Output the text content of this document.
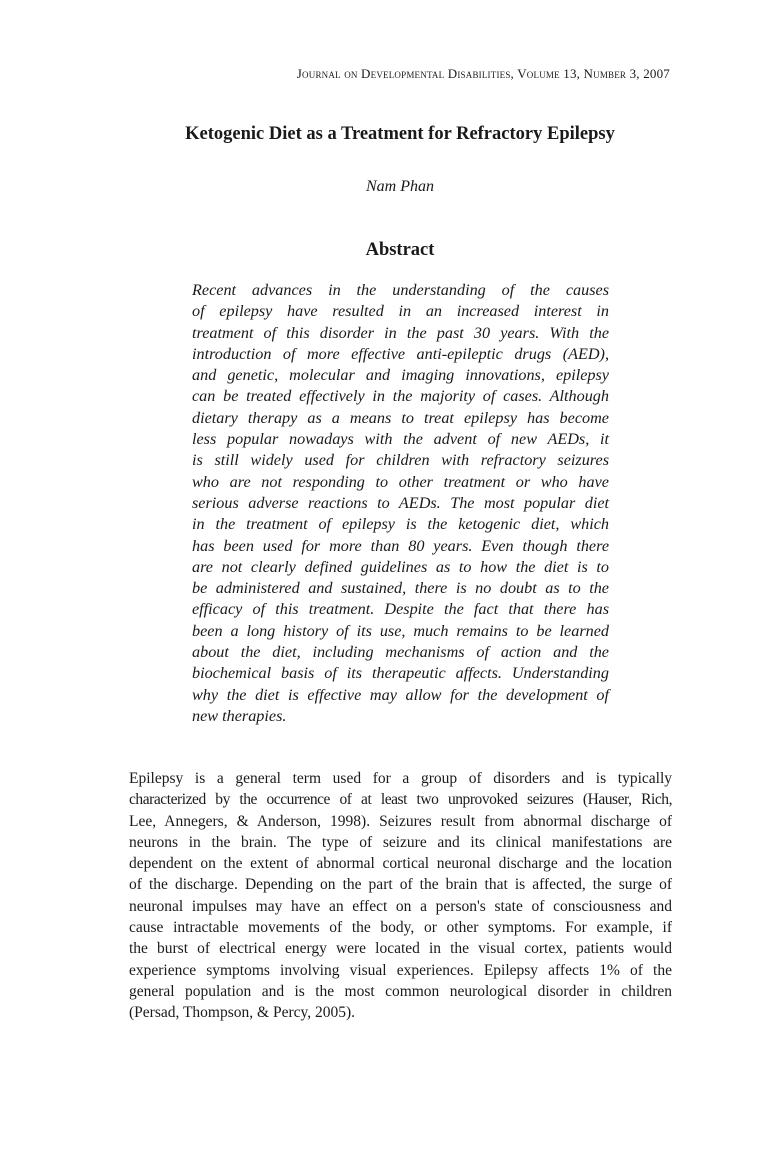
Journal on Developmental Disabilities, Volume 13, Number 3, 2007
Ketogenic Diet as a Treatment for Refractory Epilepsy
Nam Phan
Abstract

Recent advances in the understanding of the causes
of epilepsy have resulted in an increased interest in
treatment of this disorder in the past 30 years. With the
introduction of more effective anti-epileptic drugs (AED),
and genetic, molecular and imaging innovations, epilepsy
can be treated effectively in the majority of cases. Although
dietary therapy as a means to treat epilepsy has become
less popular nowadays with the advent of new AEDs, it
is still widely used for children with refractory seizures
who are not responding to other treatment or who have
serious adverse reactions to AEDs. The most popular diet
in the treatment of epilepsy is the ketogenic diet, which
has been used for more than 80 years. Even though there
are not clearly defined guidelines as to how the diet is to
be administered and sustained, there is no doubt as to the
efficacy of this treatment. Despite the fact that there has
been a long history of its use, much remains to be learned
about the diet, including mechanisms of action and the
biochemical basis of its therapeutic affects. Understanding
why the diet is effective may allow for the development of
new therapies.

Epilepsy is a general term used for a group of disorders and is typically
characterized by the occurrence of at least two unprovoked seizures (Hauser, Rich,
Lee, Annegers, & Anderson, 1998). Seizures result from abnormal discharge of
neurons in the brain. The type of seizure and its clinical manifestations are
dependent on the extent of abnormal cortical neuronal discharge and the location
of the discharge. Depending on the part of the brain that is affected, the surge of
neuronal impulses may have an effect on a person's state of consciousness and
cause intractable movements of the body, or other symptoms. For example, if
the burst of electrical energy were located in the visual cortex, patients would
experience symptoms involving visual experiences. Epilepsy affects 1% of the
general population and is the most common neurological disorder in children
(Persad, Thompson, & Percy, 2005).
